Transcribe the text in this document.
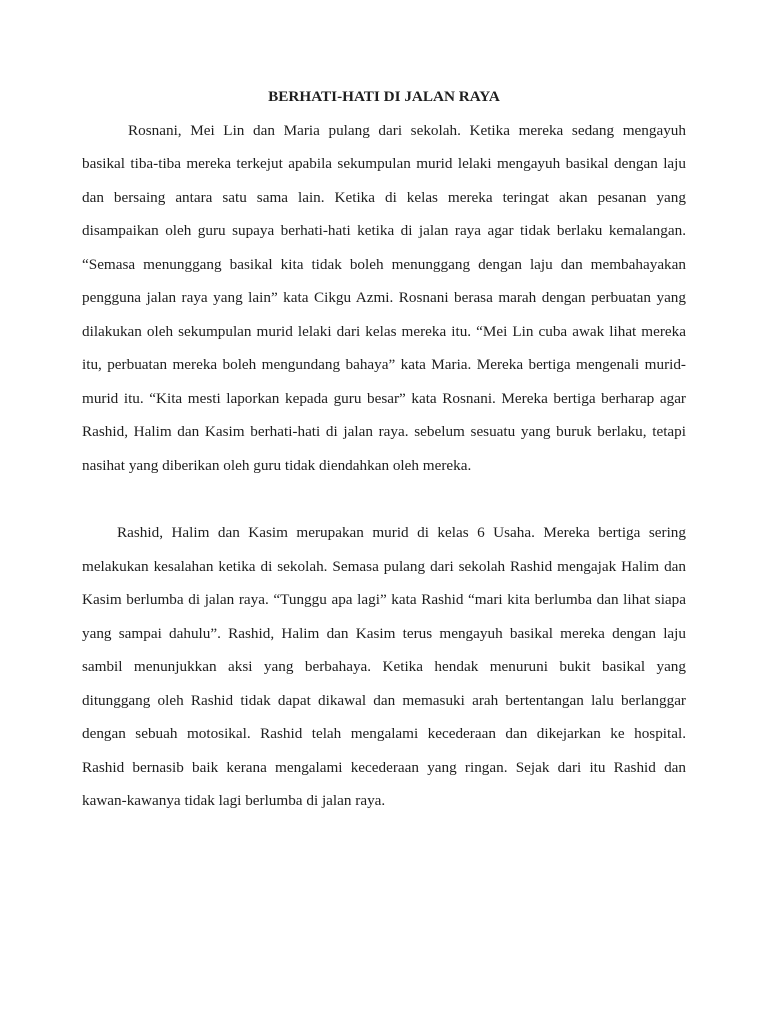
BERHATI-HATI DI JALAN RAYA
Rosnani, Mei Lin dan Maria pulang dari sekolah. Ketika mereka sedang mengayuh
basikal tiba-tiba mereka terkejut apabila sekumpulan murid lelaki mengayuh basikal dengan laju
dan bersaing antara satu sama lain. Ketika di kelas mereka teringat akan pesanan yang
disampaikan oleh guru supaya berhati-hati ketika di jalan raya agar tidak berlaku kemalangan.
“Semasa menunggang basikal kita tidak boleh menunggang dengan laju dan membahayakan
pengguna jalan raya yang lain” kata Cikgu Azmi. Rosnani berasa marah dengan perbuatan yang
dilakukan oleh sekumpulan murid lelaki dari kelas mereka itu. “Mei Lin cuba awak lihat mereka
itu, perbuatan mereka boleh mengundang bahaya” kata Maria. Mereka bertiga mengenali murid-
murid itu. “Kita mesti laporkan kepada guru besar” kata Rosnani. Mereka bertiga berharap agar
Rashid, Halim dan Kasim berhati-hati di jalan raya. sebelum sesuatu yang buruk berlaku, tetapi
nasihat yang diberikan oleh guru tidak diendahkan oleh mereka.
Rashid, Halim dan Kasim merupakan murid di kelas 6 Usaha. Mereka bertiga sering
melakukan kesalahan ketika di sekolah. Semasa pulang dari sekolah Rashid mengajak Halim dan
Kasim berlumba di jalan raya. “Tunggu apa lagi” kata Rashid “mari kita berlumba dan lihat siapa
yang sampai dahulu”. Rashid, Halim dan Kasim terus mengayuh basikal mereka dengan laju
sambil menunjukkan aksi yang berbahaya. Ketika hendak menuruni bukit basikal yang
ditunggang oleh Rashid tidak dapat dikawal dan memasuki arah bertentangan lalu berlanggar
dengan sebuah motosikal. Rashid telah mengalami kecederaan dan dikejarkan ke hospital.
Rashid bernasib baik kerana mengalami kecederaan yang ringan. Sejak dari itu Rashid dan
kawan-kawanya tidak lagi berlumba di jalan raya.
